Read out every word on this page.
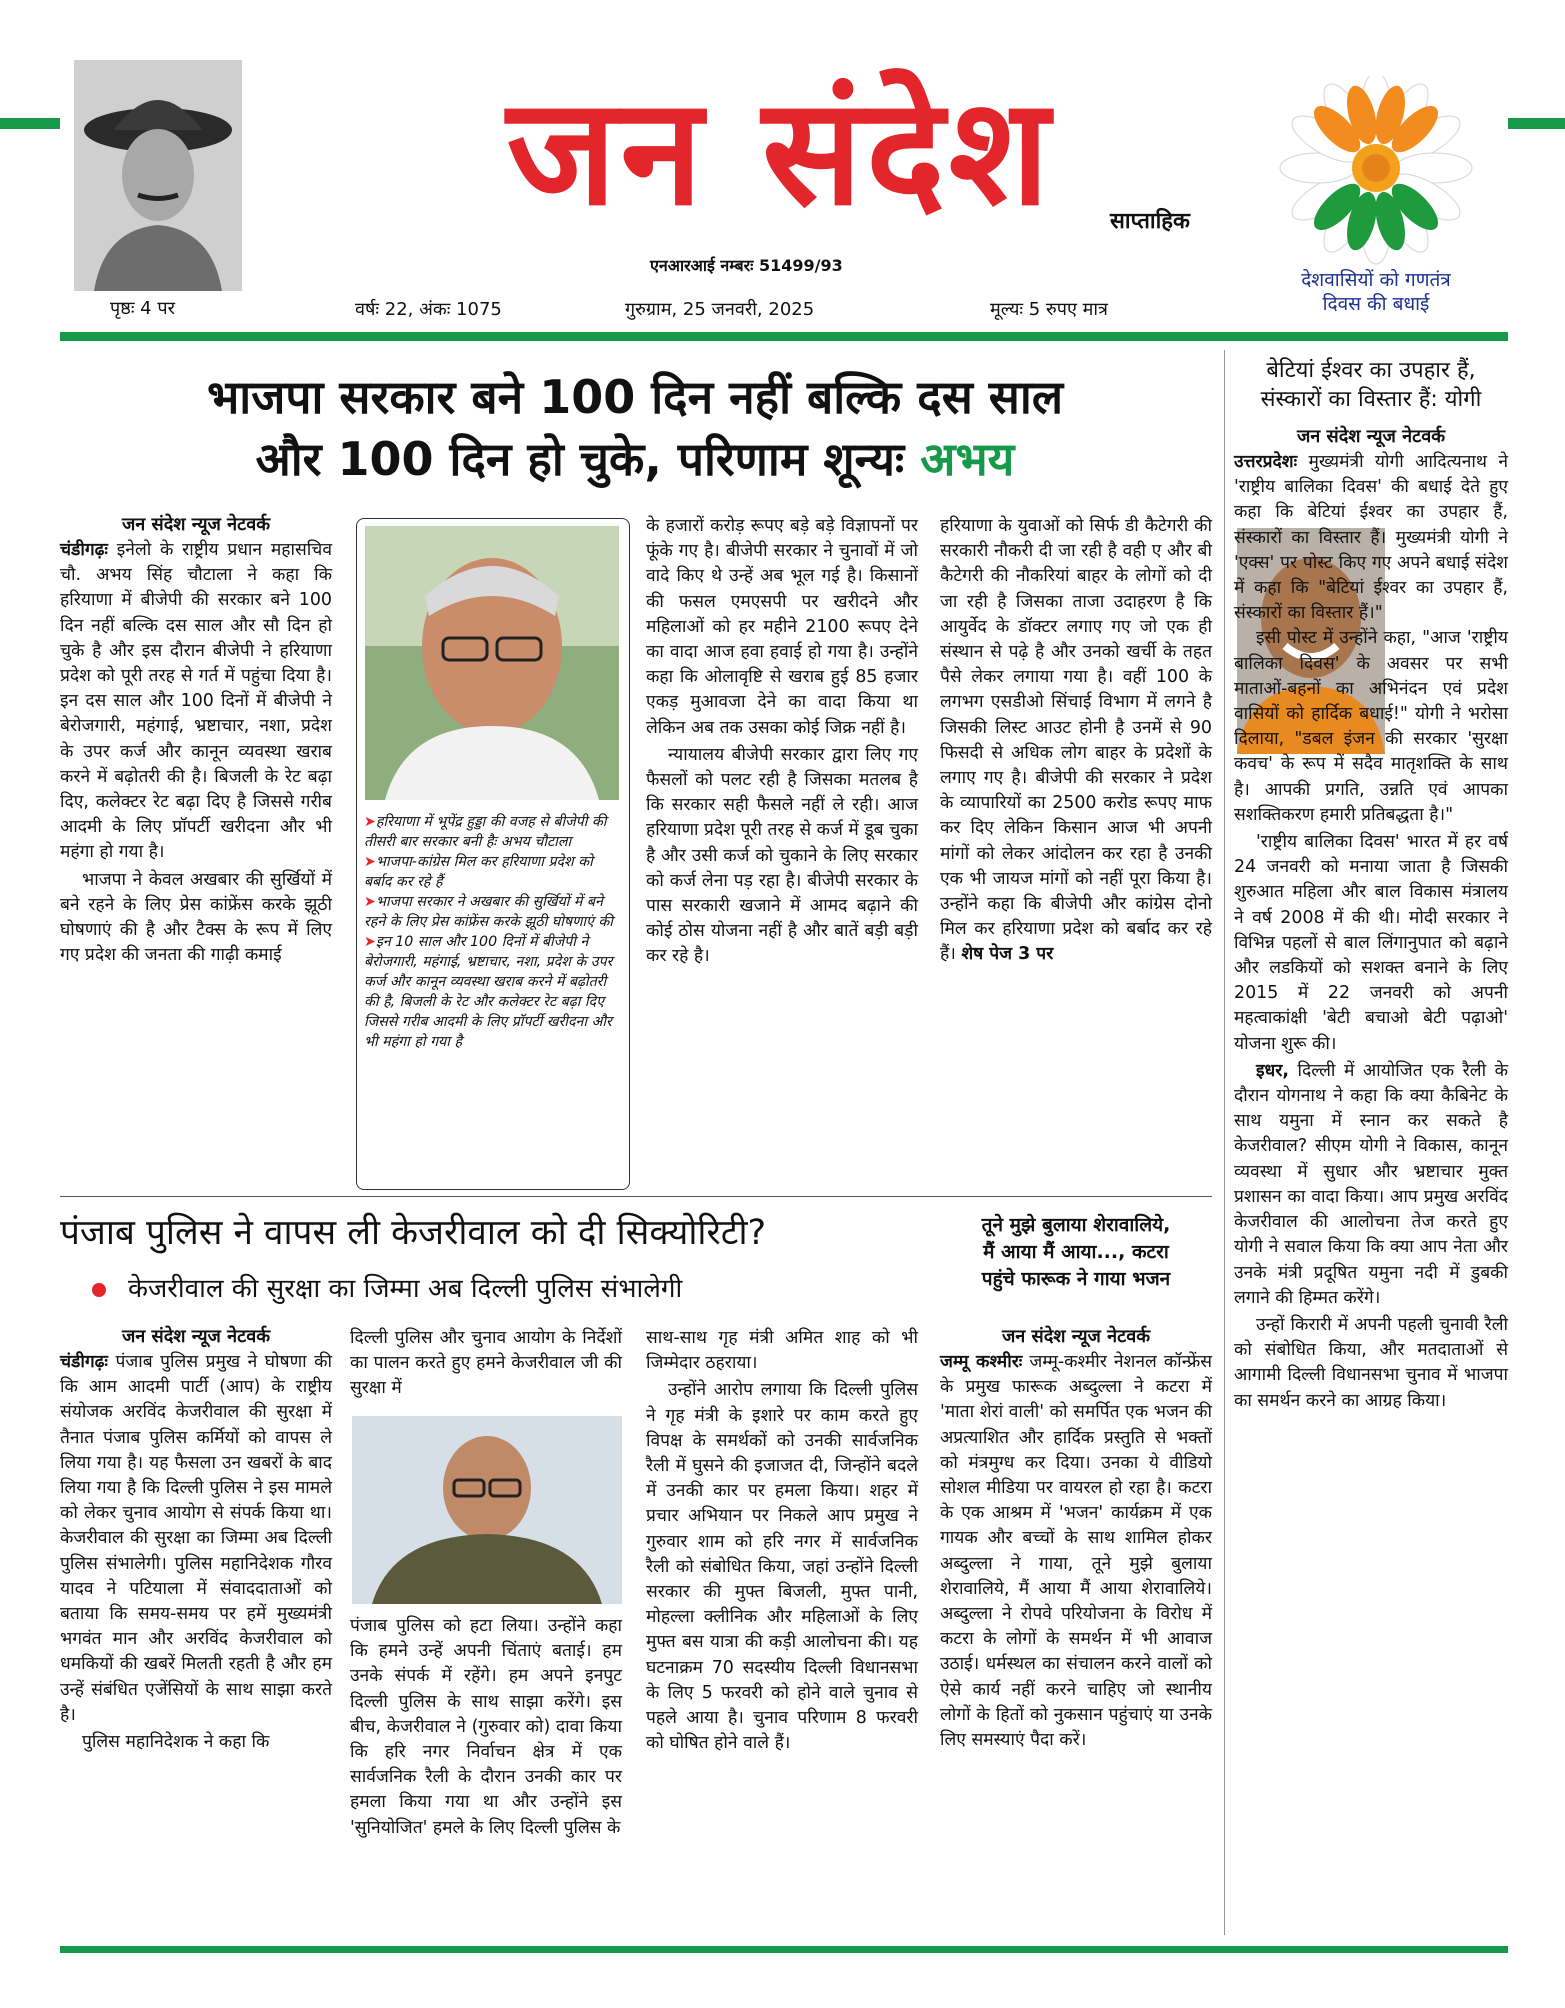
पृष्ठः 4 पर
जन संदेश	साप्ताहिक
एनआरआई नम्बरः 51499/93
देशवासियों को गणतंत्र
दिवस की बधाई
वर्षः 22, अंकः 1075	गुरुग्राम, 25 जनवरी, 2025	मूल्यः 5 रुपए मात्र
भाजपा सरकार बने 100 दिन नहीं बल्कि दस साल
और 100 दिन हो चुके, परिणाम शून्यः अभय
जन संदेश न्यूज नेटवर्क

चंडीगढ़ः इनेलो के राष्ट्रीय प्रधान महासचिव चौ. अभय सिंह चौटाला ने कहा कि हरियाणा में बीजेपी की सरकार बने 100 दिन नहीं बल्कि दस साल और सौ दिन हो चुके है और इस दौरान बीजेपी ने हरियाणा प्रदेश को पूरी तरह से गर्त में पहुंचा दिया है। इन दस साल और 100 दिनों में बीजेपी ने बेरोजगारी, महंगाई, भ्रष्टाचार, नशा, प्रदेश के उपर कर्ज और कानून व्यवस्था खराब करने में बढ़ोतरी की है। बिजली के रेट बढ़ा दिए, कलेक्टर रेट बढ़ा दिए है जिससे गरीब आदमी के लिए प्रॉपर्टी खरीदना और भी महंगा हो गया है।

भाजपा ने केवल अखबार की सुर्खियों में बने रहने के लिए प्रेस कांफ्रेंस करके झूठी घोषणाएं की है और टैक्स के रूप में लिए गए प्रदेश की जनता की गाढ़ी कमाई

➤हरियाणा में भूपेंद्र हुड्डा की वजह से बीजेपी की तीसरी बार सरकार बनी हैः अभय चौटाला
➤भाजपा-कांग्रेस मिल कर हरियाणा प्रदेश को बर्बाद कर रहे हैं
➤भाजपा सरकार ने अखबार की सुर्खियों में बने रहने के लिए प्रेस कांफ्रेंस करके झूठी घोषणाएं की
➤इन 10 साल और 100 दिनों में बीजेपी ने बेरोजगारी, महंगाई, भ्रष्टाचार, नशा, प्रदेश के उपर कर्ज और कानून व्यवस्था खराब करने में बढ़ोतरी की है, बिजली के रेट और कलेक्टर रेट बढ़ा दिए जिससे गरीब आदमी के लिए प्रॉपर्टी खरीदना और भी महंगा हो गया है

के हजारों करोड़ रूपए बड़े बड़े विज्ञापनों पर फूंके गए है। बीजेपी सरकार ने चुनावों में जो वादे किए थे उन्हें अब भूल गई है। किसानों की फसल एमएसपी पर खरीदने और महिलाओं को हर महीने 2100 रूपए देने का वादा आज हवा हवाई हो गया है। उन्होंने कहा कि ओलावृष्टि से खराब हुई 85 हजार एकड़ मुआवजा देने का वादा किया था लेकिन अब तक उसका कोई जिक्र नहीं है।

न्यायालय बीजेपी सरकार द्वारा लिए गए फैसलों को पलट रही है जिसका मतलब है कि सरकार सही फैसले नहीं ले रही। आज हरियाणा प्रदेश पूरी तरह से कर्ज में डूब चुका है और उसी कर्ज को चुकाने के लिए सरकार को कर्ज लेना पड़ रहा है। बीजेपी सरकार के पास सरकारी खजाने में आमद बढ़ाने की कोई ठोस योजना नहीं है और बातें बड़ी बड़ी कर रहे है।

हरियाणा के युवाओं को सिर्फ डी कैटेगरी की सरकारी नौकरी दी जा रही है वही ए और बी कैटेगरी की नौकरियां बाहर के लोगों को दी जा रही है जिसका ताजा उदाहरण है कि आयुर्वेद के डॉक्टर लगाए गए जो एक ही संस्थान से पढ़े है और उनको खर्ची के तहत पैसे लेकर लगाया गया है। वहीं 100 के लगभग एसडीओ सिंचाई विभाग में लगने है जिसकी लिस्ट आउट होनी है उनमें से 90 फिसदी से अधिक लोग बाहर के प्रदेशों के लगाए गए है। बीजेपी की सरकार ने प्रदेश के व्यापारियों का 2500 करोड रूपए माफ कर दिए लेकिन किसान आज भी अपनी मांगों को लेकर आंदोलन कर रहा है उनकी एक भी जायज मांगों को नहीं पूरा किया है। उन्होंने कहा कि बीजेपी और कांग्रेस दोनो मिल कर हरियाणा प्रदेश को बर्बाद कर रहे हैं। शेष पेज 3 पर

बेटियां ईश्वर का उपहार हैं,
संस्कारों का विस्तार हैं: योगी
जन संदेश न्यूज नेटवर्क

उत्तरप्रदेशः मुख्यमंत्री योगी आदित्यनाथ ने 'राष्ट्रीय बालिका दिवस' की बधाई देते हुए कहा कि बेटियां ईश्वर का उपहार हैं, संस्कारों का विस्तार हैं। मुख्यमंत्री योगी ने 'एक्स' पर पोस्ट किए गए अपने बधाई संदेश में कहा कि "बेटियां ईश्वर का उपहार हैं, संस्कारों का विस्तार हैं।"

इसी पोस्ट में उन्होंने कहा, "आज 'राष्ट्रीय बालिका दिवस' के अवसर पर सभी माताओं-बहनों का अभिनंदन एवं प्रदेश वासियों को हार्दिक बधाई!" योगी ने भरोसा दिलाया, "डबल इंजन की सरकार 'सुरक्षा कवच' के रूप में सदैव मातृशक्ति के साथ है। आपकी प्रगति, उन्नति एवं आपका सशक्तिकरण हमारी प्रतिबद्धता है।"

'राष्ट्रीय बालिका दिवस' भारत में हर वर्ष 24 जनवरी को मनाया जाता है जिसकी शुरुआत महिला और बाल विकास मंत्रालय ने वर्ष 2008 में की थी। मोदी सरकार ने विभिन्न पहलों से बाल लिंगानुपात को बढ़ाने और लडकियों को सशक्त बनाने के लिए 2015 में 22 जनवरी को अपनी महत्वाकांक्षी 'बेटी बचाओ बेटी पढ़ाओ' योजना शुरू की।

इधर, दिल्ली में आयोजित एक रैली के दौरान योगनाथ ने कहा कि क्या कैबिनेट के साथ यमुना में स्नान कर सकते है केजरीवाल? सीएम योगी ने विकास, कानून व्यवस्था में सुधार और भ्रष्टाचार मुक्त प्रशासन का वादा किया। आप प्रमुख अरविंद केजरीवाल की आलोचना तेज करते हुए योगी ने सवाल किया कि क्या आप नेता और उनके मंत्री प्रदूषित यमुना नदी में डुबकी लगाने की हिम्मत करेंगे।

उन्हों किरारी में अपनी पहली चुनावी रैली को संबोधित किया, और मतदाताओं से आगामी दिल्ली विधानसभा चुनाव में भाजपा का समर्थन करने का आग्रह किया।

पंजाब पुलिस ने वापस ली केजरीवाल को दी सिक्योरिटी?
केजरीवाल की सुरक्षा का जिम्मा अब दिल्ली पुलिस संभालेगी
जन संदेश न्यूज नेटवर्क

चंडीगढ़ः पंजाब पुलिस प्रमुख ने घोषणा की कि आम आदमी पार्टी (आप) के राष्ट्रीय संयोजक अरविंद केजरीवाल की सुरक्षा में तैनात पंजाब पुलिस कर्मियों को वापस ले लिया गया है। यह फैसला उन खबरों के बाद लिया गया है कि दिल्ली पुलिस ने इस मामले को लेकर चुनाव आयोग से संपर्क किया था। केजरीवाल की सुरक्षा का जिम्मा अब दिल्ली पुलिस संभालेगी। पुलिस महानिदेशक गौरव यादव ने पटियाला में संवाददाताओं को बताया कि समय-समय पर हमें मुख्यमंत्री भगवंत मान और अरविंद केजरीवाल को धमकियों की खबरें मिलती रहती है और हम उन्हें संबंधित एजेंसियों के साथ साझा करते है।

पुलिस महानिदेशक ने कहा कि

दिल्ली पुलिस और चुनाव आयोग के निर्देशों का पालन करते हुए हमने केजरीवाल जी की सुरक्षा में
पंजाब पुलिस को हटा लिया। उन्होंने कहा कि हमने उन्हें अपनी चिंताएं बताई। हम उनके संपर्क में रहेंगे। हम अपने इनपुट दिल्ली पुलिस के साथ साझा करेंगे। इस बीच, केजरीवाल ने (गुरुवार को) दावा किया कि हरि नगर निर्वाचन क्षेत्र में एक सार्वजनिक रैली के दौरान उनकी कार पर हमला किया गया था और उन्होंने इस 'सुनियोजित' हमले के लिए दिल्ली पुलिस के

साथ-साथ गृह मंत्री अमित शाह को भी जिम्मेदार ठहराया।

उन्होंने आरोप लगाया कि दिल्ली पुलिस ने गृह मंत्री के इशारे पर काम करते हुए विपक्ष के समर्थकों को उनकी सार्वजनिक रैली में घुसने की इजाजत दी, जिन्होंने बदले में उनकी कार पर हमला किया। शहर में प्रचार अभियान पर निकले आप प्रमुख ने गुरुवार शाम को हरि नगर में सार्वजनिक रैली को संबोधित किया, जहां उन्होंने दिल्ली सरकार की मुफ्त बिजली, मुफ्त पानी, मोहल्ला क्लीनिक और महिलाओं के लिए मुफ्त बस यात्रा की कड़ी आलोचना की। यह घटनाक्रम 70 सदस्यीय दिल्ली विधानसभा के लिए 5 फरवरी को होने वाले चुनाव से पहले आया है। चुनाव परिणाम 8 फरवरी को घोषित होने वाले हैं।

तूने मुझे बुलाया शेरावालिये,
मैं आया मैं आया..., कटरा
पहुंचे फारूक ने गाया भजन
जन संदेश न्यूज नेटवर्क

जम्मू कश्मीरः जम्मू-कश्मीर नेशनल कॉन्फ्रेंस के प्रमुख फारूक अब्दुल्ला ने कटरा में 'माता शेरां वाली' को समर्पित एक भजन की अप्रत्याशित और हार्दिक प्रस्तुति से भक्तों को मंत्रमुग्ध कर दिया। उनका ये वीडियो सोशल मीडिया पर वायरल हो रहा है। कटरा के एक आश्रम में 'भजन' कार्यक्रम में एक गायक और बच्चों के साथ शामिल होकर अब्दुल्ला ने गाया, तूने मुझे बुलाया शेरावालिये, मैं आया मैं आया शेरावालिये। अब्दुल्ला ने रोपवे परियोजना के विरोध में कटरा के लोगों के समर्थन में भी आवाज उठाई। धर्मस्थल का संचालन करने वालों को ऐसे कार्य नहीं करने चाहिए जो स्थानीय लोगों के हितों को नुकसान पहुंचाएं या उनके लिए समस्याएं पैदा करें।
